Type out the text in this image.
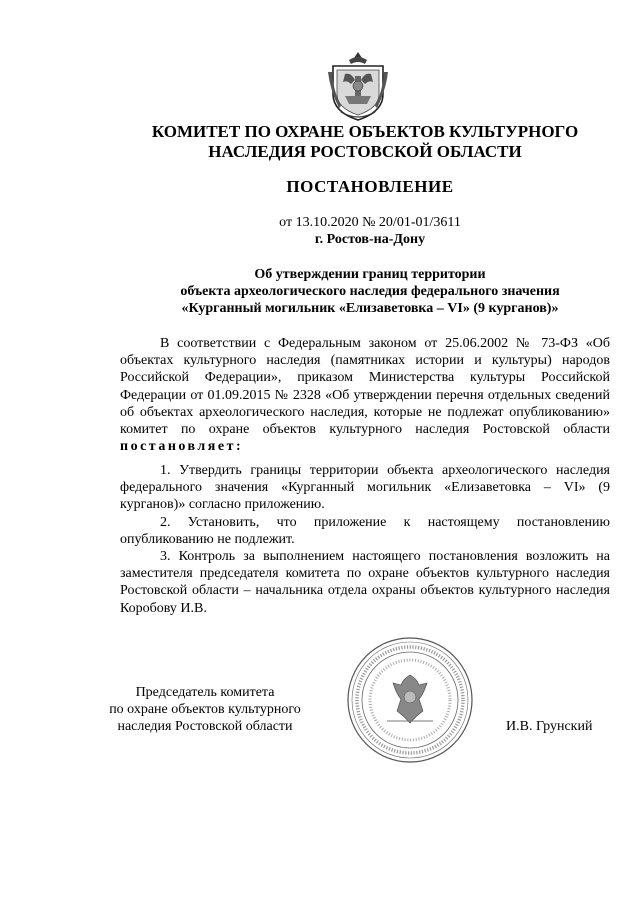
КОМИТЕТ ПО ОХРАНЕ ОБЪЕКТОВ КУЛЬТУРНОГО
НАСЛЕДИЯ РОСТОВСКОЙ ОБЛАСТИ
ПОСТАНОВЛЕНИЕ
от 13.10.2020 № 20/01-01/3611
г. Ростов-на-Дону
Об утверждении границ территории
объекта археологического наследия федерального значения
«Курганный могильник «Елизаветовка – VI» (9 курганов)»
В соответствии с Федеральным законом от 25.06.2002 № 73-ФЗ «Об объектах культурного наследия (памятниках истории и культуры) народов Российской Федерации», приказом Министерства культуры Российской Федерации от 01.09.2015 № 2328 «Об утверждении перечня отдельных сведений об объектах археологического наследия, которые не подлежат опубликованию» комитет по охране объектов культурного наследия Ростовской области постановляет:

1. Утвердить границы территории объекта археологического наследия федерального значения «Курганный могильник «Елизаветовка – VI» (9 курганов)» согласно приложению.

2. Установить, что приложение к настоящему постановлению опубликованию не подлежит.

3. Контроль за выполнением настоящего постановления возложить на заместителя председателя комитета по охране объектов культурного наследия Ростовской области – начальника отдела охраны объектов культурного наследия Коробову И.В.

Председатель комитета
по охране объектов культурного
наследия Ростовской области	И.В. Грунский
